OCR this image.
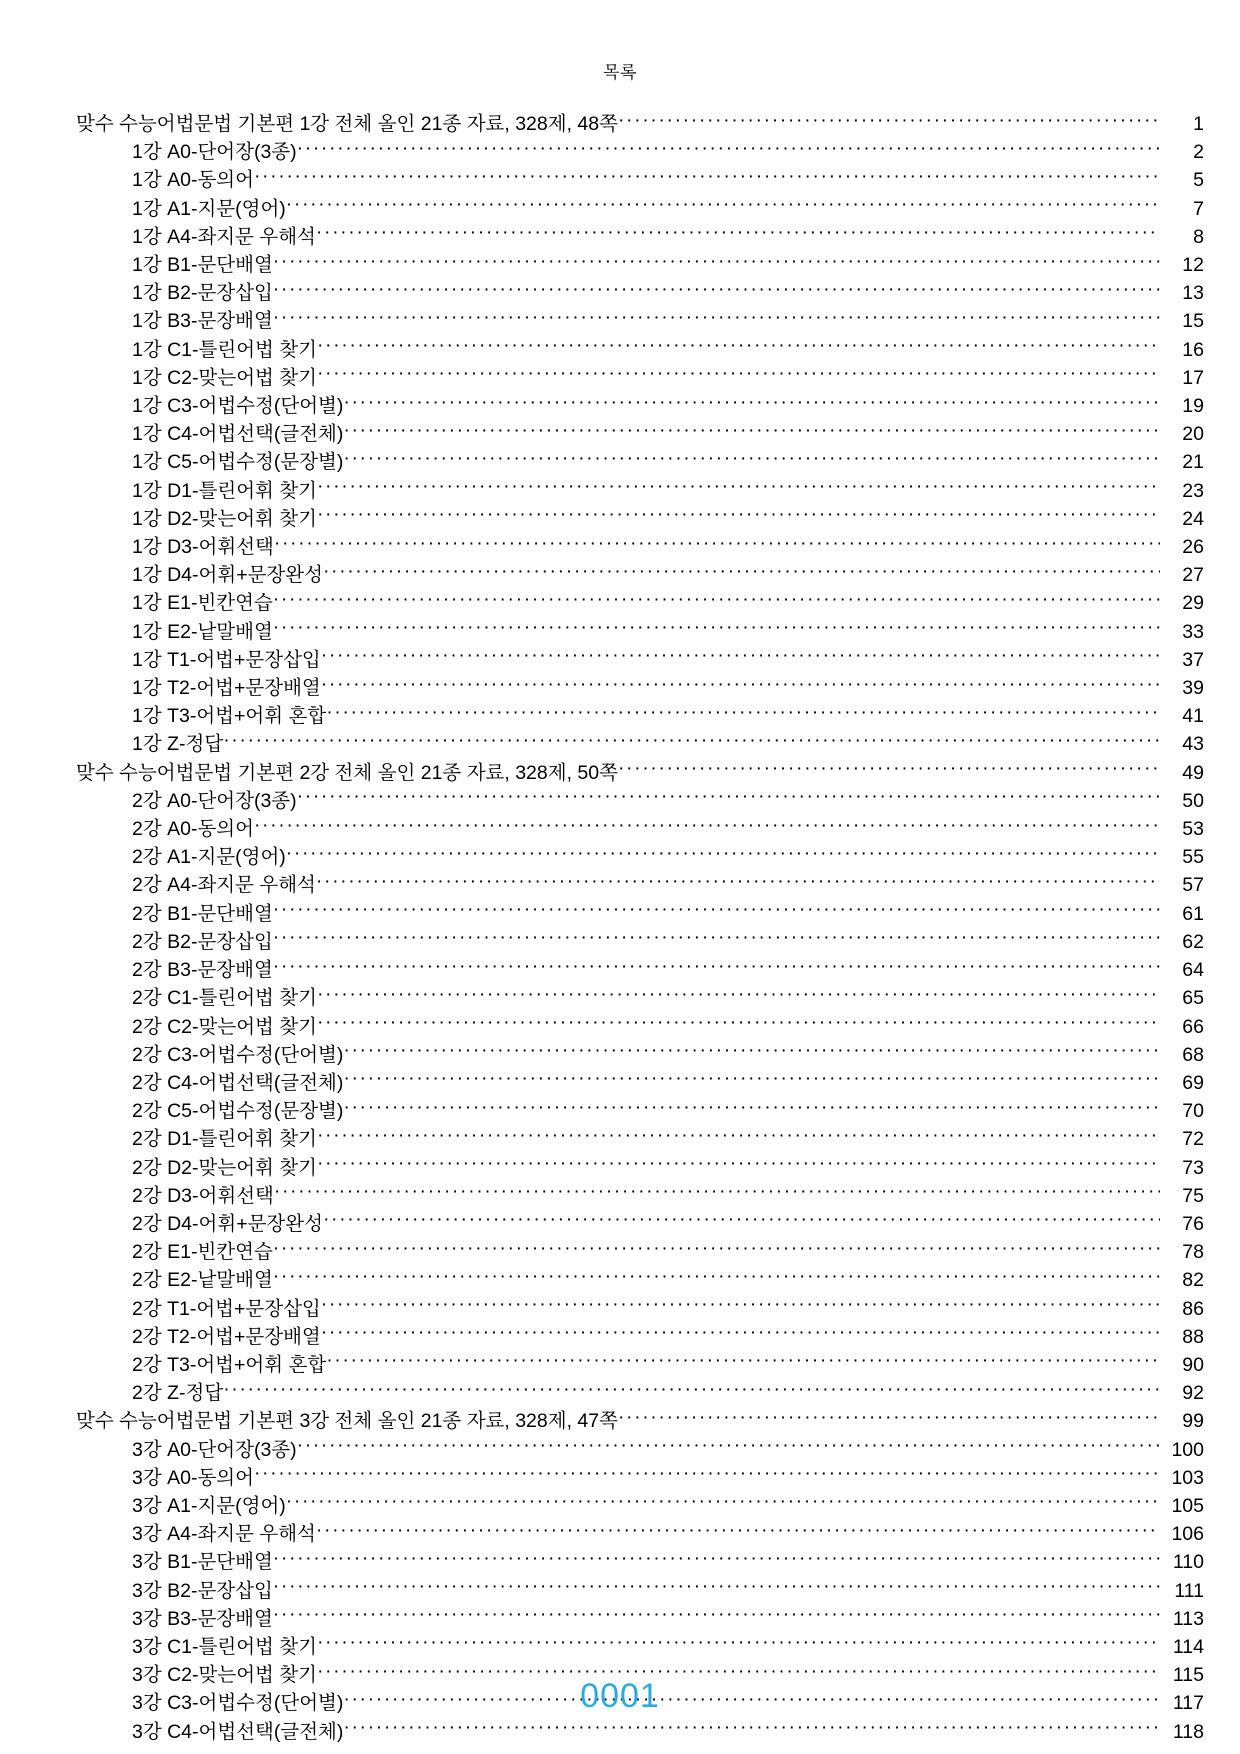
목록
맞수 수능어법문법 기본편 1강 전체 올인 21종 자료, 328제, 48쪽 ·····	1
1강 A0-단어장(3종) ·····	2
1강 A0-동의어 ·····	5
1강 A1-지문(영어) ·····	7
1강 A4-좌지문 우해석 ·····	8
1강 B1-문단배열 ·····	12
1강 B2-문장삽입 ·····	13
1강 B3-문장배열 ·····	15
1강 C1-틀린어법 찾기 ·····	16
1강 C2-맞는어법 찾기 ·····	17
1강 C3-어법수정(단어별) ·····	19
1강 C4-어법선택(글전체) ·····	20
1강 C5-어법수정(문장별) ·····	21
1강 D1-틀린어휘 찾기 ·····	23
1강 D2-맞는어휘 찾기 ·····	24
1강 D3-어휘선택 ·····	26
1강 D4-어휘+문장완성 ·····	27
1강 E1-빈칸연습 ·····	29
1강 E2-낱말배열 ·····	33
1강 T1-어법+문장삽입 ·····	37
1강 T2-어법+문장배열 ·····	39
1강 T3-어법+어휘 혼합 ·····	41
1강 Z-정답 ·····	43
맞수 수능어법문법 기본편 2강 전체 올인 21종 자료, 328제, 50쪽 ·····	49
2강 A0-단어장(3종) ·····	50
2강 A0-동의어 ·····	53
2강 A1-지문(영어) ·····	55
2강 A4-좌지문 우해석 ·····	57
2강 B1-문단배열 ·····	61
2강 B2-문장삽입 ·····	62
2강 B3-문장배열 ·····	64
2강 C1-틀린어법 찾기 ·····	65
2강 C2-맞는어법 찾기 ·····	66
2강 C3-어법수정(단어별) ·····	68
2강 C4-어법선택(글전체) ·····	69
2강 C5-어법수정(문장별) ·····	70
2강 D1-틀린어휘 찾기 ·····	72
2강 D2-맞는어휘 찾기 ·····	73
2강 D3-어휘선택 ·····	75
2강 D4-어휘+문장완성 ·····	76
2강 E1-빈칸연습 ·····	78
2강 E2-낱말배열 ·····	82
2강 T1-어법+문장삽입 ·····	86
2강 T2-어법+문장배열 ·····	88
2강 T3-어법+어휘 혼합 ·····	90
2강 Z-정답 ·····	92
맞수 수능어법문법 기본편 3강 전체 올인 21종 자료, 328제, 47쪽 ·····	99
3강 A0-단어장(3종) ·····	100
3강 A0-동의어 ·····	103
3강 A1-지문(영어) ·····	105
3강 A4-좌지문 우해석 ·····	106
3강 B1-문단배열 ·····	110
3강 B2-문장삽입 ·····	111
3강 B3-문장배열 ·····	113
3강 C1-틀린어법 찾기 ·····	114
3강 C2-맞는어법 찾기 ·····	115
3강 C3-어법수정(단어별) ·····	117
3강 C4-어법선택(글전체) ·····	118
0001
